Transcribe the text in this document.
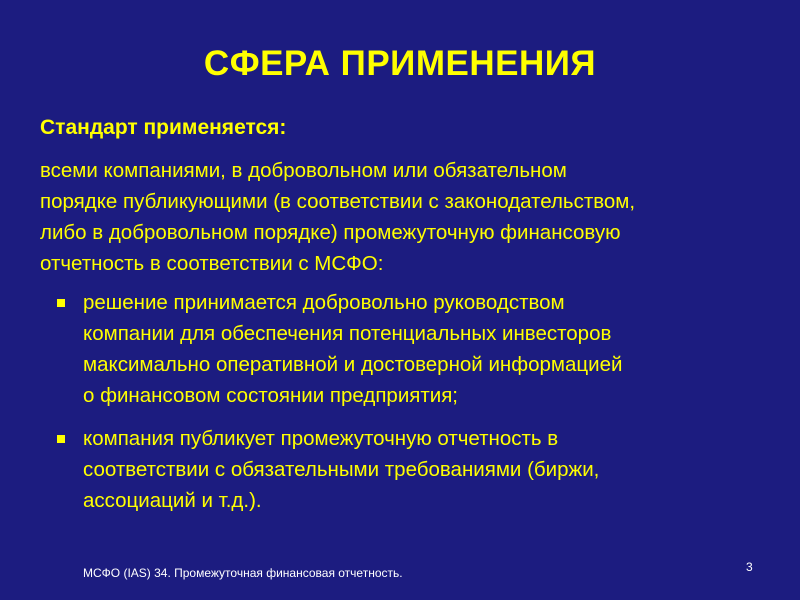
СФЕРА ПРИМЕНЕНИЯ
Стандарт применяется:
всеми компаниями, в добровольном или обязательном
порядке публикующими (в соответствии с законодательством,
либо в добровольном порядке) промежуточную финансовую
отчетность в соответствии с МСФО:
решение принимается добровольно руководством
компании для обеспечения потенциальных инвесторов
максимально оперативной и достоверной информацией
о финансовом состоянии предприятия;
компания публикует промежуточную отчетность в
соответствии с обязательными требованиями (биржи,
ассоциаций и т.д.).
МСФО (IAS) 34. Промежуточная финансовая отчетность.	3
